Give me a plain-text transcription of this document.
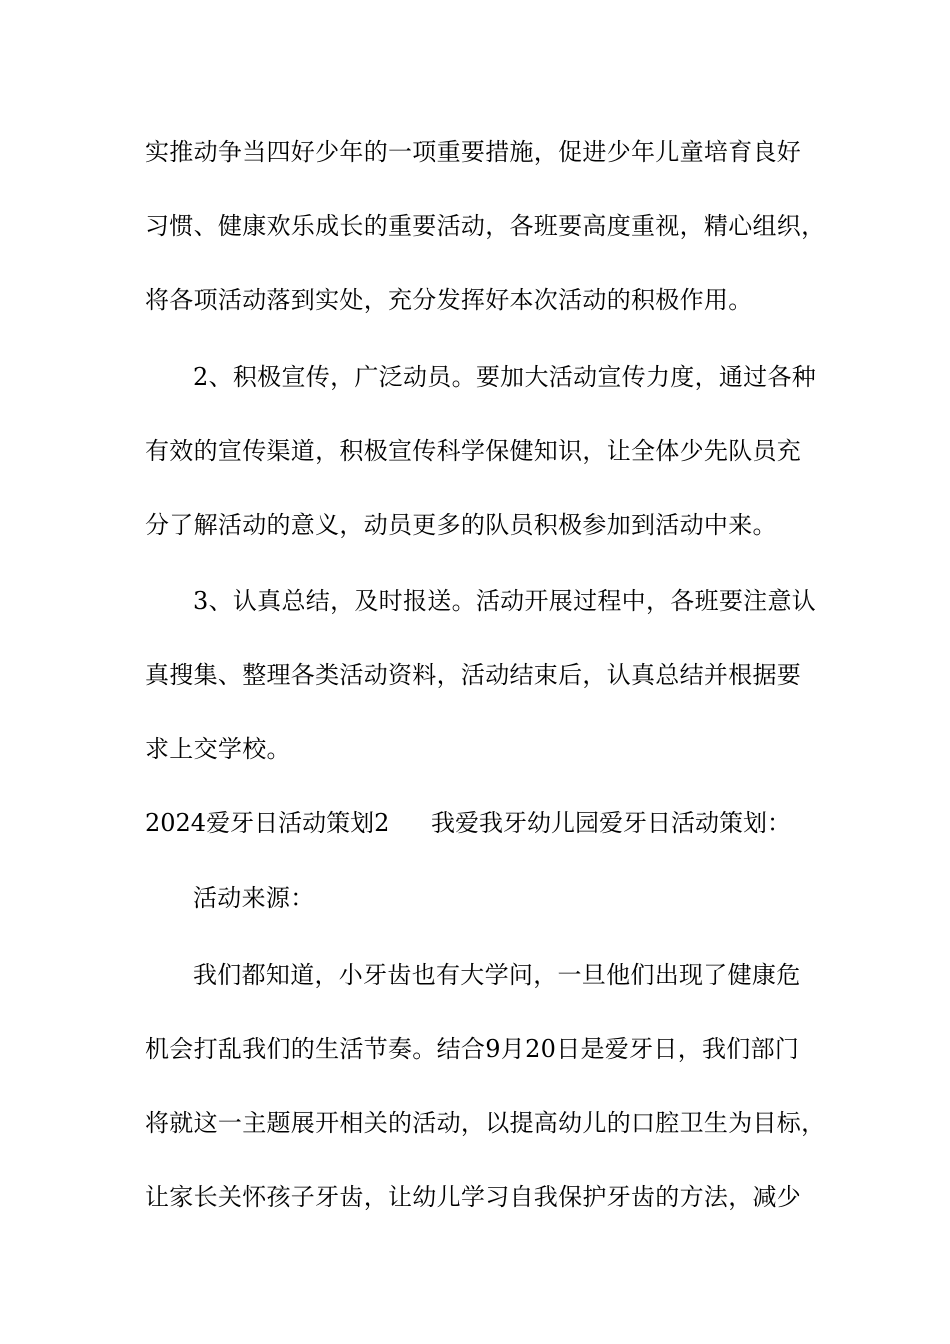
实推动争当四好少年的一项重要措施，促进少年儿童培育良好
习惯、健康欢乐成长的重要活动，各班要高度重视，精心组织，
将各项活动落到实处，充分发挥好本次活动的积极作用。
2、积极宣传，广泛动员。要加大活动宣传力度，通过各种
有效的宣传渠道，积极宣传科学保健知识，让全体少先队员充
分了解活动的意义，动员更多的队员积极参加到活动中来。
3、认真总结，及时报送。活动开展过程中，各班要注意认
真搜集、整理各类活动资料，活动结束后，认真总结并根据要
求上交学校。
2024爱牙日活动策划2 我爱我牙幼儿园爱牙日活动策划：
活动来源：
我们都知道，小牙齿也有大学问，一旦他们出现了健康危
机会打乱我们的生活节奏。结合9月20日是爱牙日，我们部门
将就这一主题展开相关的活动，以提高幼儿的口腔卫生为目标，
让家长关怀孩子牙齿，让幼儿学习自我保护牙齿的方法，减少
